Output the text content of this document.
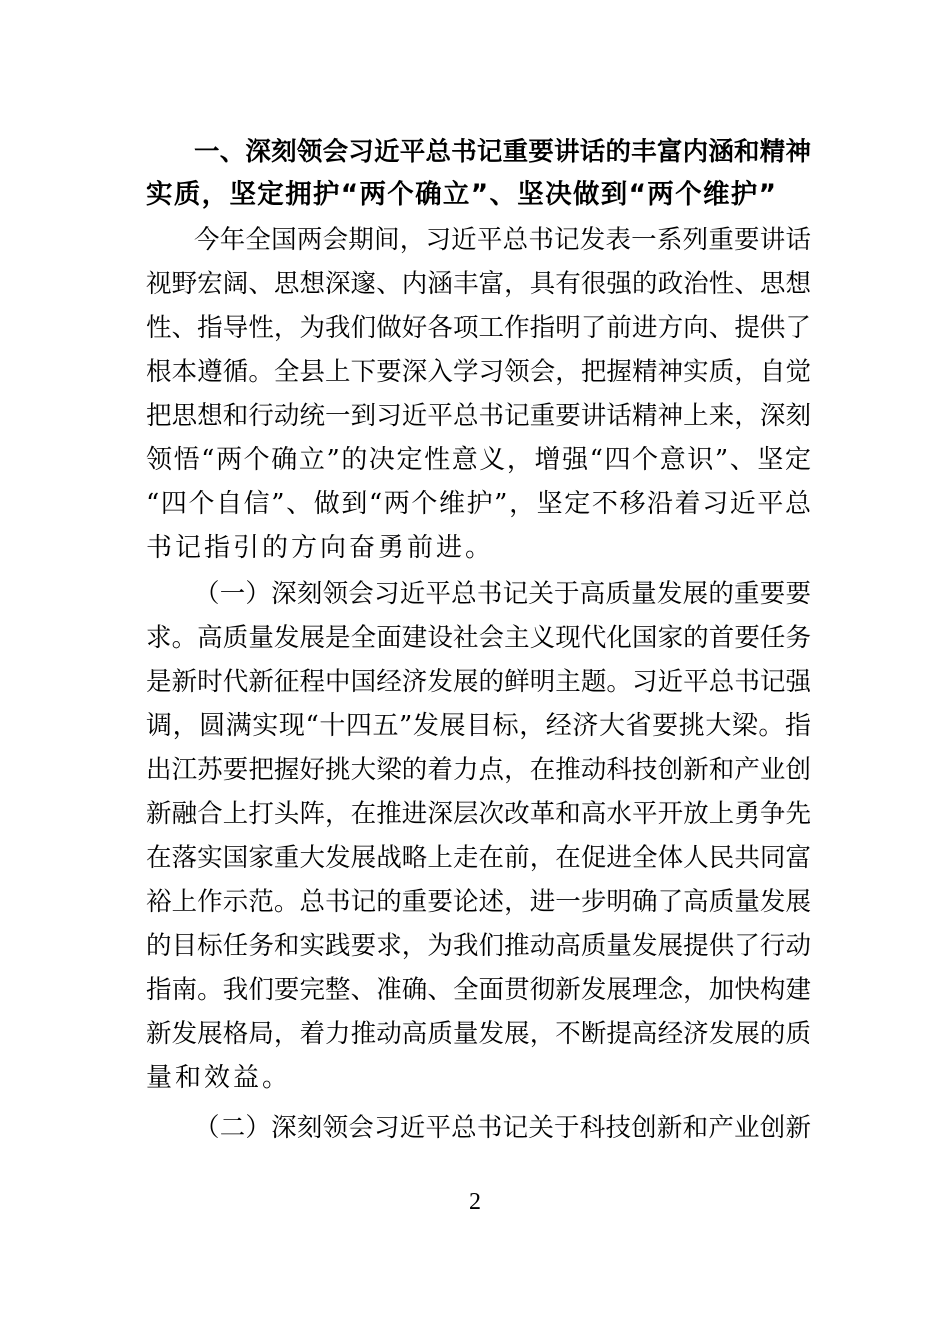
一、深刻领会习近平总书记重要讲话的丰富内涵和精神
实质，坚定拥护“两个确立”、坚决做到“两个维护”
今年全国两会期间，习近平总书记发表一系列重要讲话
视野宏阔、思想深邃、内涵丰富，具有很强的政治性、思想
性、指导性，为我们做好各项工作指明了前进方向、提供了
根本遵循。全县上下要深入学习领会，把握精神实质，自觉
把思想和行动统一到习近平总书记重要讲话精神上来，深刻
领悟“两个确立”的决定性意义，增强“四个意识”、坚定
“四个自信”、做到“两个维护”，坚定不移沿着习近平总
书记指引的方向奋勇前进。
（一）深刻领会习近平总书记关于高质量发展的重要要
求。高质量发展是全面建设社会主义现代化国家的首要任务
是新时代新征程中国经济发展的鲜明主题。习近平总书记强
调，圆满实现“十四五”发展目标，经济大省要挑大梁。指
出江苏要把握好挑大梁的着力点，在推动科技创新和产业创
新融合上打头阵，在推进深层次改革和高水平开放上勇争先
在落实国家重大发展战略上走在前，在促进全体人民共同富
裕上作示范。总书记的重要论述，进一步明确了高质量发展
的目标任务和实践要求，为我们推动高质量发展提供了行动
指南。我们要完整、准确、全面贯彻新发展理念，加快构建
新发展格局，着力推动高质量发展，不断提高经济发展的质
量和效益。
（二）深刻领会习近平总书记关于科技创新和产业创新
2
